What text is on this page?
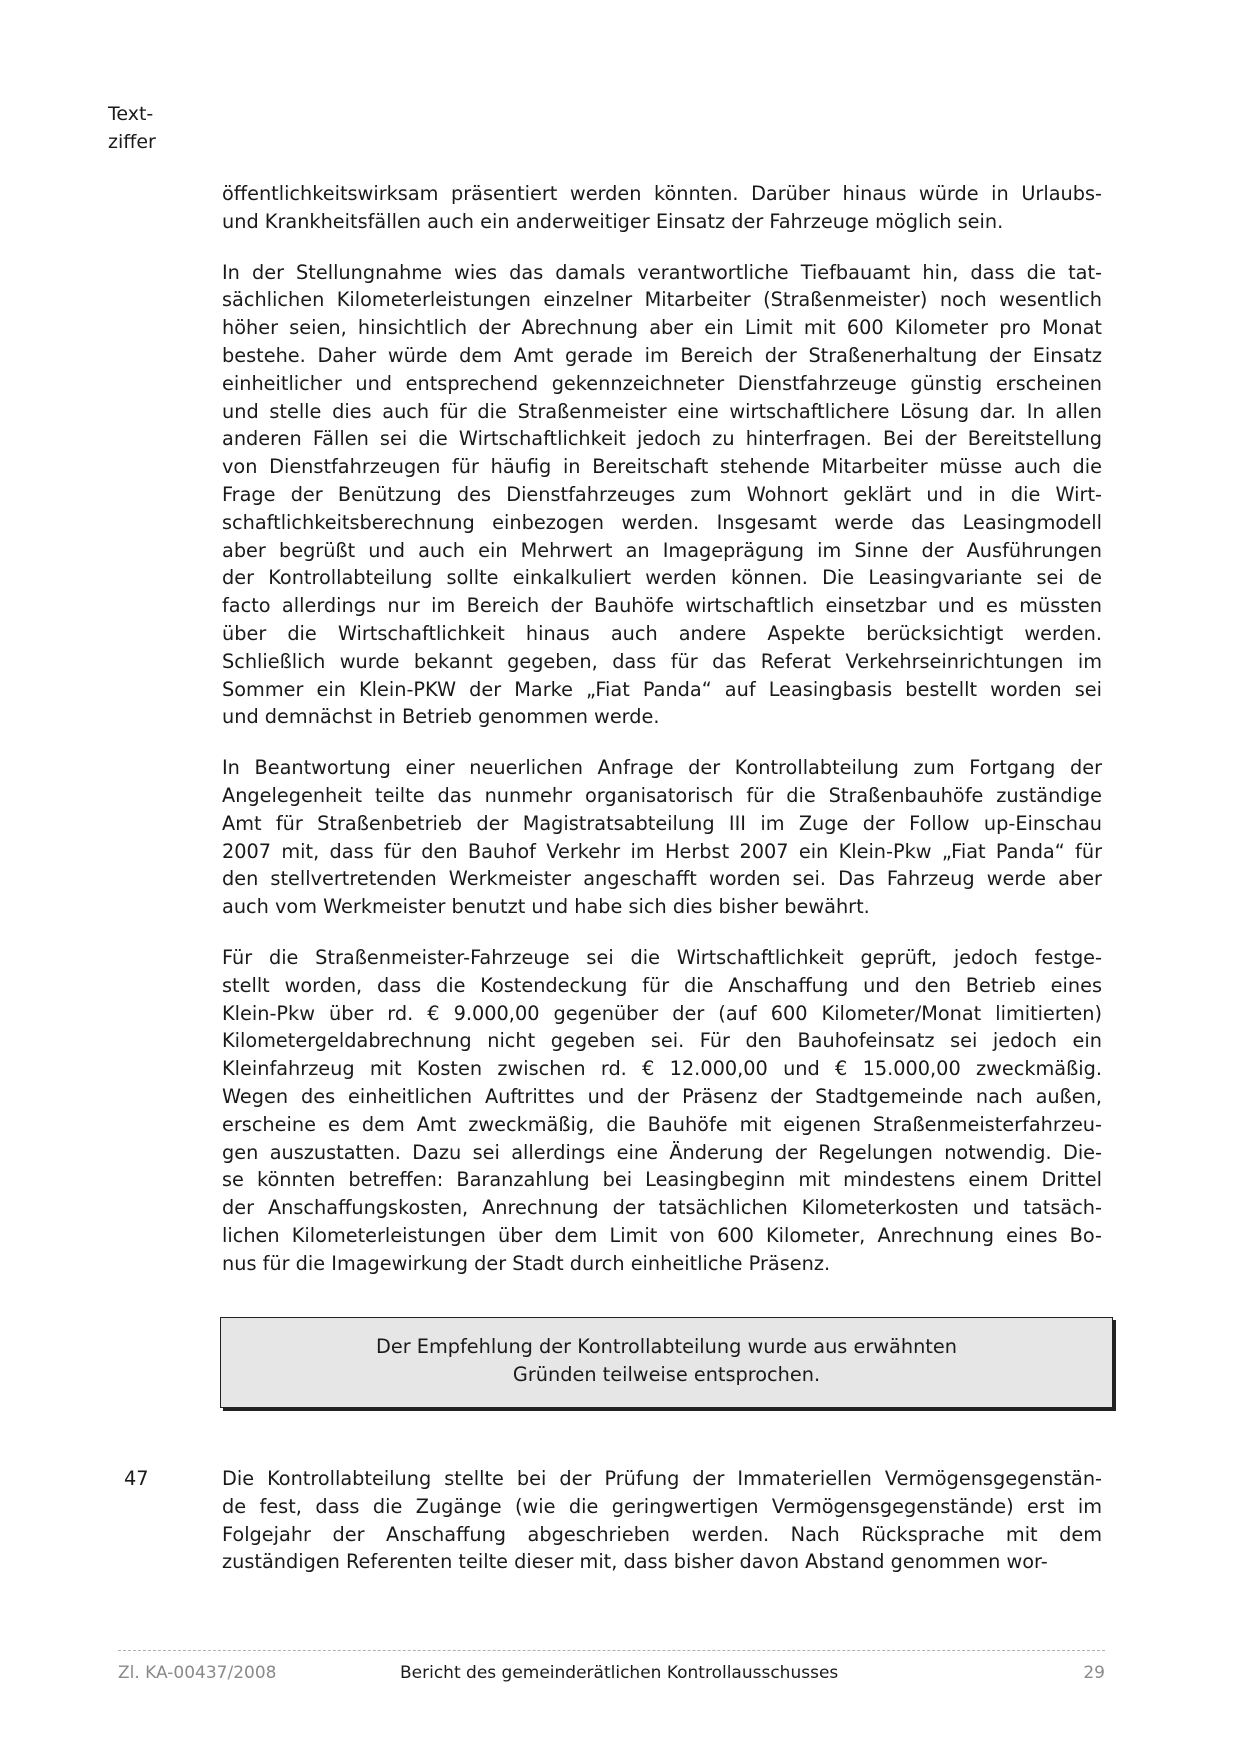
Text-
ziffer
öffentlichkeitswirksam präsentiert werden könnten. Darüber hinaus würde in Urlaubs-
und Krankheitsfällen auch ein anderweitiger Einsatz der Fahrzeuge möglich sein.
In der Stellungnahme wies das damals verantwortliche Tiefbauamt hin, dass die tat-
sächlichen Kilometerleistungen einzelner Mitarbeiter (Straßenmeister) noch wesentlich
höher seien, hinsichtlich der Abrechnung aber ein Limit mit 600 Kilometer pro Monat
bestehe. Daher würde dem Amt gerade im Bereich der Straßenerhaltung der Einsatz
einheitlicher und entsprechend gekennzeichneter Dienstfahrzeuge günstig erscheinen
und stelle dies auch für die Straßenmeister eine wirtschaftlichere Lösung dar. In allen
anderen Fällen sei die Wirtschaftlichkeit jedoch zu hinterfragen. Bei der Bereitstellung
von Dienstfahrzeugen für häufig in Bereitschaft stehende Mitarbeiter müsse auch die
Frage der Benützung des Dienstfahrzeuges zum Wohnort geklärt und in die Wirt-
schaftlichkeitsberechnung einbezogen werden. Insgesamt werde das Leasingmodell
aber begrüßt und auch ein Mehrwert an Imageprägung im Sinne der Ausführungen
der Kontrollabteilung sollte einkalkuliert werden können. Die Leasingvariante sei de
facto allerdings nur im Bereich der Bauhöfe wirtschaftlich einsetzbar und es müssten
über die Wirtschaftlichkeit hinaus auch andere Aspekte berücksichtigt werden.
Schließlich wurde bekannt gegeben, dass für das Referat Verkehrseinrichtungen im
Sommer ein Klein-PKW der Marke „Fiat Panda“ auf Leasingbasis bestellt worden sei
und demnächst in Betrieb genommen werde.
In Beantwortung einer neuerlichen Anfrage der Kontrollabteilung zum Fortgang der
Angelegenheit teilte das nunmehr organisatorisch für die Straßenbauhöfe zuständige
Amt für Straßenbetrieb der Magistratsabteilung III im Zuge der Follow up-Einschau
2007 mit, dass für den Bauhof Verkehr im Herbst 2007 ein Klein-Pkw „Fiat Panda“ für
den stellvertretenden Werkmeister angeschafft worden sei. Das Fahrzeug werde aber
auch vom Werkmeister benutzt und habe sich dies bisher bewährt.
Für die Straßenmeister-Fahrzeuge sei die Wirtschaftlichkeit geprüft, jedoch festge-
stellt worden, dass die Kostendeckung für die Anschaffung und den Betrieb eines
Klein-Pkw über rd. € 9.000,00 gegenüber der (auf 600 Kilometer/Monat limitierten)
Kilometergeldabrechnung nicht gegeben sei. Für den Bauhofeinsatz sei jedoch ein
Kleinfahrzeug mit Kosten zwischen rd. € 12.000,00 und € 15.000,00 zweckmäßig.
Wegen des einheitlichen Auftrittes und der Präsenz der Stadtgemeinde nach außen,
erscheine es dem Amt zweckmäßig, die Bauhöfe mit eigenen Straßenmeisterfahrzeu-
gen auszustatten. Dazu sei allerdings eine Änderung der Regelungen notwendig. Die-
se könnten betreffen: Baranzahlung bei Leasingbeginn mit mindestens einem Drittel
der Anschaffungskosten, Anrechnung der tatsächlichen Kilometerkosten und tatsäch-
lichen Kilometerleistungen über dem Limit von 600 Kilometer, Anrechnung eines Bo-
nus für die Imagewirkung der Stadt durch einheitliche Präsenz.
Der Empfehlung der Kontrollabteilung wurde aus erwähnten
Gründen teilweise entsprochen.
47	Die Kontrollabteilung stellte bei der Prüfung der Immateriellen Vermögensgegenstän-
de fest, dass die Zugänge (wie die geringwertigen Vermögensgegenstände) erst im
Folgejahr der Anschaffung abgeschrieben werden. Nach Rücksprache mit dem
zuständigen Referenten teilte dieser mit, dass bisher davon Abstand genommen wor-
Zl. KA-00437/2008	Bericht des gemeinderätlichen Kontrollausschusses	29
